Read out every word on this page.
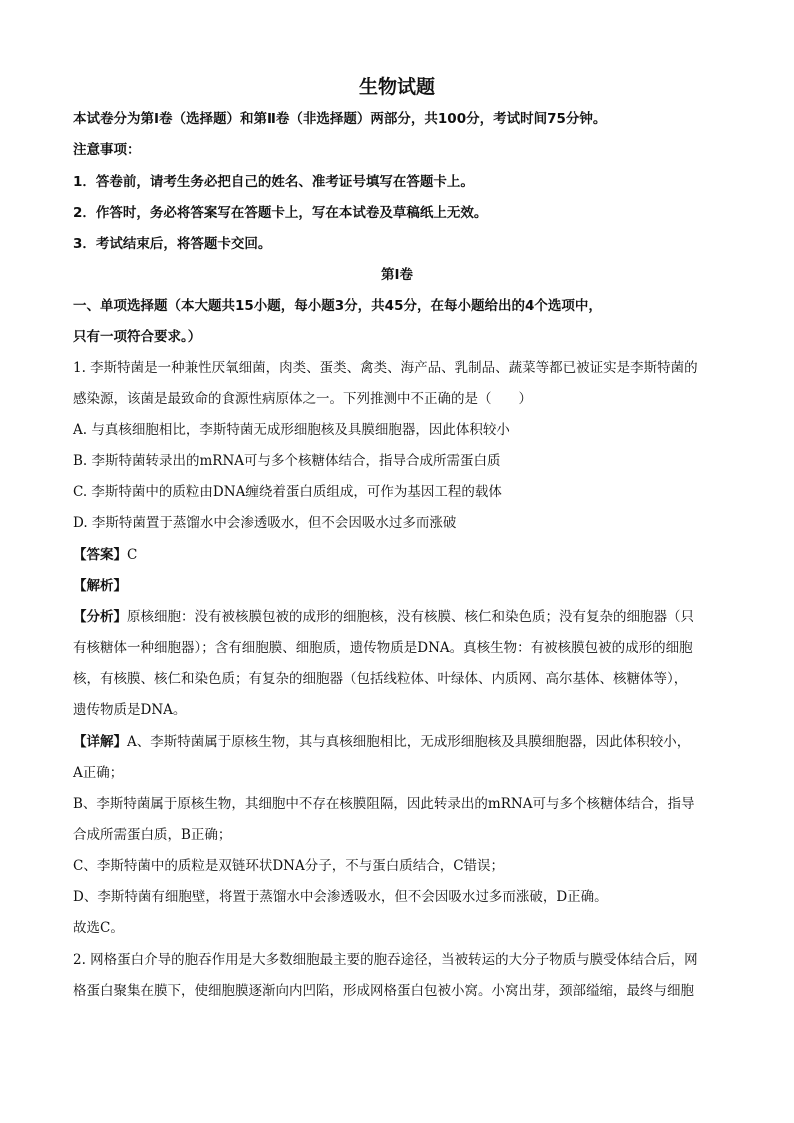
生物试题
本试卷分为第Ⅰ卷（选择题）和第Ⅱ卷（非选择题）两部分，共100分，考试时间75分钟。
注意事项：
1．答卷前，请考生务必把自己的姓名、准考证号填写在答题卡上。
2．作答时，务必将答案写在答题卡上，写在本试卷及草稿纸上无效。
3．考试结束后，将答题卡交回。
第Ⅰ卷
一、单项选择题（本大题共15小题，每小题3分，共45分，在每小题给出的4个选项中，
只有一项符合要求。）
1. 李斯特菌是一种兼性厌氧细菌，肉类、蛋类、禽类、海产品、乳制品、蔬菜等都已被证实是李斯特菌的
感染源，该菌是最致命的食源性病原体之一。下列推测中不正确的是（　　）
A. 与真核细胞相比，李斯特菌无成形细胞核及具膜细胞器，因此体积较小
B. 李斯特菌转录出的mRNA可与多个核糖体结合，指导合成所需蛋白质
C. 李斯特菌中的质粒由DNA缠绕着蛋白质组成，可作为基因工程的载体
D. 李斯特菌置于蒸馏水中会渗透吸水，但不会因吸水过多而涨破
【答案】C
【解析】
【分析】原核细胞：没有被核膜包被的成形的细胞核，没有核膜、核仁和染色质；没有复杂的细胞器（只
有核糖体一种细胞器）；含有细胞膜、细胞质，遗传物质是DNA。真核生物：有被核膜包被的成形的细胞
核，有核膜、核仁和染色质；有复杂的细胞器（包括线粒体、叶绿体、内质网、高尔基体、核糖体等），
遗传物质是DNA。
【详解】A、李斯特菌属于原核生物，其与真核细胞相比，无成形细胞核及具膜细胞器，因此体积较小，
A正确；
B、李斯特菌属于原核生物，其细胞中不存在核膜阻隔，因此转录出的mRNA可与多个核糖体结合，指导
合成所需蛋白质，B正确；
C、李斯特菌中的质粒是双链环状DNA分子，不与蛋白质结合，C错误；
D、李斯特菌有细胞壁，将置于蒸馏水中会渗透吸水，但不会因吸水过多而涨破，D正确。
故选C。
2. 网格蛋白介导的胞吞作用是大多数细胞最主要的胞吞途径，当被转运的大分子物质与膜受体结合后，网
格蛋白聚集在膜下，使细胞膜逐渐向内凹陷，形成网格蛋白包被小窝。小窝出芽，颈部缢缩，最终与细胞
